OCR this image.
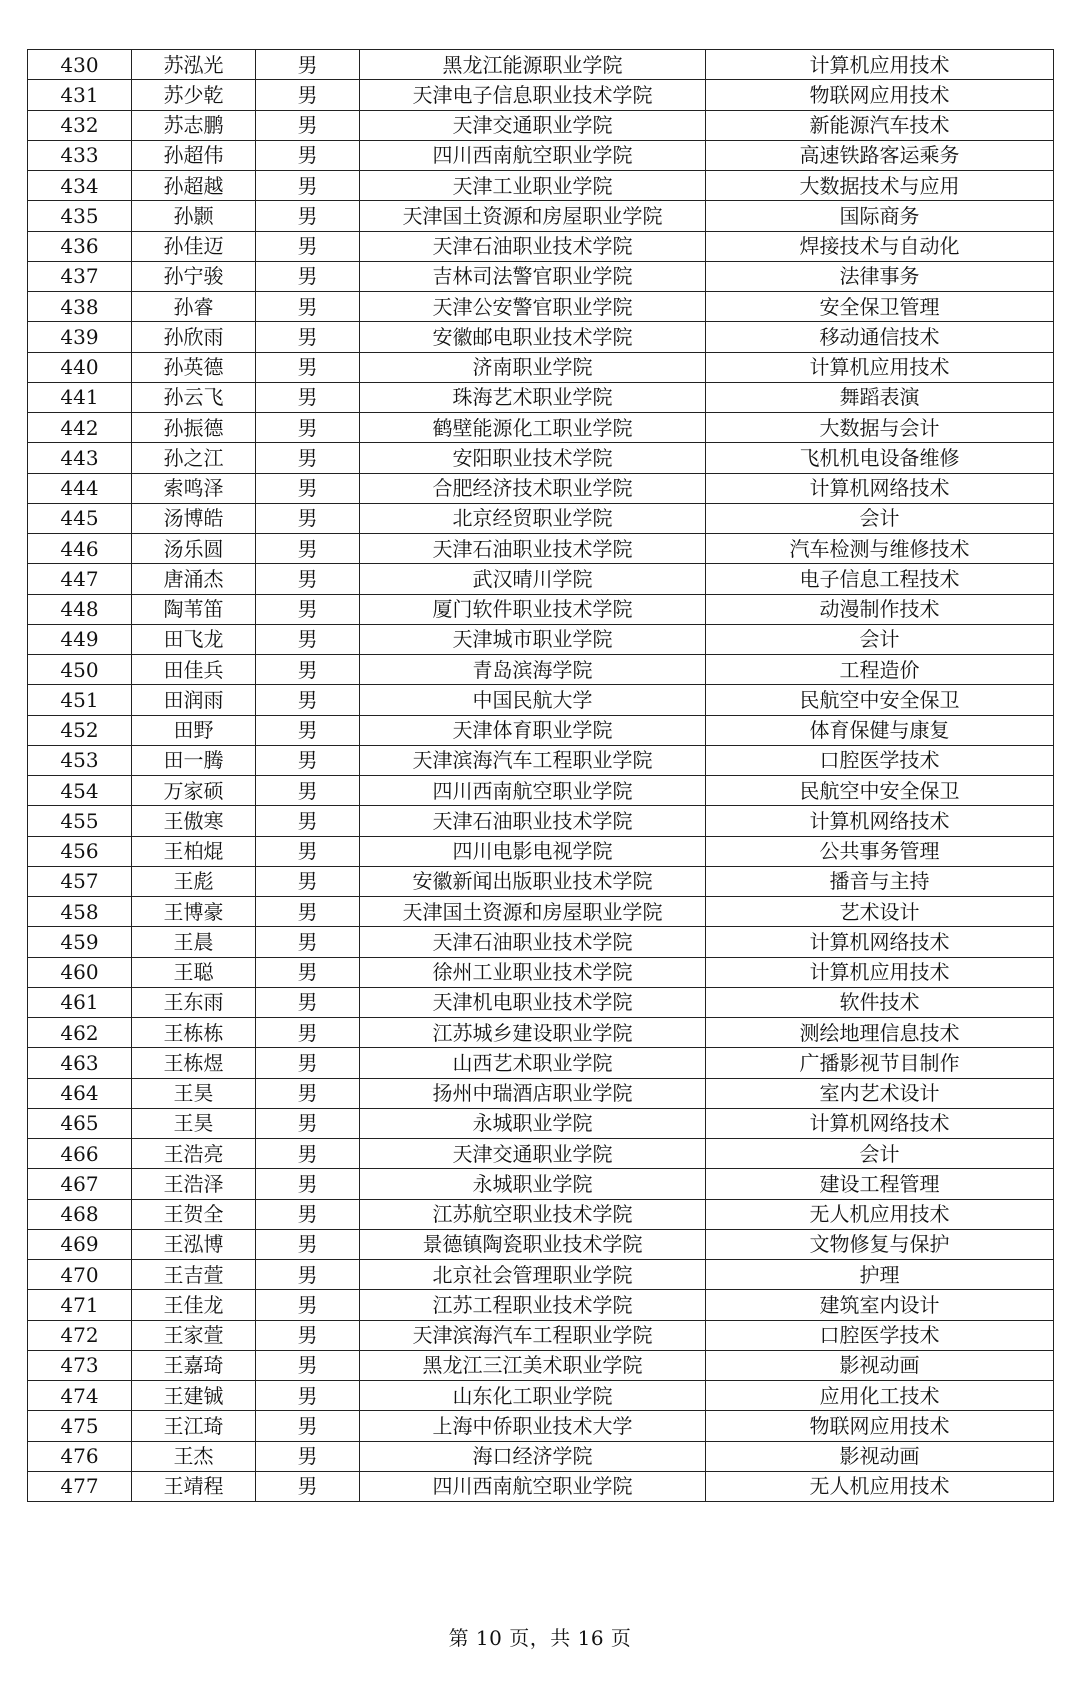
430	苏泓光	男	黑龙江能源职业学院	计算机应用技术
431	苏少乾	男	天津电子信息职业技术学院	物联网应用技术
432	苏志鹏	男	天津交通职业学院	新能源汽车技术
433	孙超伟	男	四川西南航空职业学院	高速铁路客运乘务
434	孙超越	男	天津工业职业学院	大数据技术与应用
435	孙颢	男	天津国土资源和房屋职业学院	国际商务
436	孙佳迈	男	天津石油职业技术学院	焊接技术与自动化
437	孙宁骏	男	吉林司法警官职业学院	法律事务
438	孙睿	男	天津公安警官职业学院	安全保卫管理
439	孙欣雨	男	安徽邮电职业技术学院	移动通信技术
440	孙英德	男	济南职业学院	计算机应用技术
441	孙云飞	男	珠海艺术职业学院	舞蹈表演
442	孙振德	男	鹤壁能源化工职业学院	大数据与会计
443	孙之江	男	安阳职业技术学院	飞机机电设备维修
444	索鸣泽	男	合肥经济技术职业学院	计算机网络技术
445	汤博皓	男	北京经贸职业学院	会计
446	汤乐圆	男	天津石油职业技术学院	汽车检测与维修技术
447	唐涌杰	男	武汉晴川学院	电子信息工程技术
448	陶苇笛	男	厦门软件职业技术学院	动漫制作技术
449	田飞龙	男	天津城市职业学院	会计
450	田佳兵	男	青岛滨海学院	工程造价
451	田润雨	男	中国民航大学	民航空中安全保卫
452	田野	男	天津体育职业学院	体育保健与康复
453	田一腾	男	天津滨海汽车工程职业学院	口腔医学技术
454	万家硕	男	四川西南航空职业学院	民航空中安全保卫
455	王傲寒	男	天津石油职业技术学院	计算机网络技术
456	王柏焜	男	四川电影电视学院	公共事务管理
457	王彪	男	安徽新闻出版职业技术学院	播音与主持
458	王博豪	男	天津国土资源和房屋职业学院	艺术设计
459	王晨	男	天津石油职业技术学院	计算机网络技术
460	王聪	男	徐州工业职业技术学院	计算机应用技术
461	王东雨	男	天津机电职业技术学院	软件技术
462	王栋栋	男	江苏城乡建设职业学院	测绘地理信息技术
463	王栋煜	男	山西艺术职业学院	广播影视节目制作
464	王昊	男	扬州中瑞酒店职业学院	室内艺术设计
465	王昊	男	永城职业学院	计算机网络技术
466	王浩亮	男	天津交通职业学院	会计
467	王浩泽	男	永城职业学院	建设工程管理
468	王贺全	男	江苏航空职业技术学院	无人机应用技术
469	王泓博	男	景德镇陶瓷职业技术学院	文物修复与保护
470	王吉萱	男	北京社会管理职业学院	护理
471	王佳龙	男	江苏工程职业技术学院	建筑室内设计
472	王家萱	男	天津滨海汽车工程职业学院	口腔医学技术
473	王嘉琦	男	黑龙江三江美术职业学院	影视动画
474	王建铖	男	山东化工职业学院	应用化工技术
475	王江琦	男	上海中侨职业技术大学	物联网应用技术
476	王杰	男	海口经济学院	影视动画
477	王靖程	男	四川西南航空职业学院	无人机应用技术
第 10 页，共 16 页
